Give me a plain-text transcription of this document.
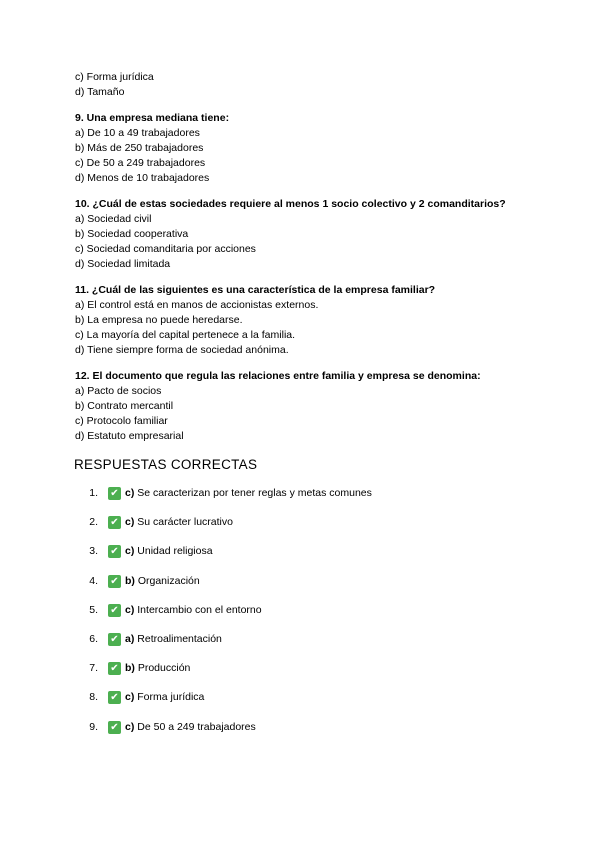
c) Forma jurídica
d) Tamaño
9. Una empresa mediana tiene:
a) De 10 a 49 trabajadores
b) Más de 250 trabajadores
c) De 50 a 249 trabajadores
d) Menos de 10 trabajadores
10. ¿Cuál de estas sociedades requiere al menos 1 socio colectivo y 2 comanditarios?
a) Sociedad civil
b) Sociedad cooperativa
c) Sociedad comanditaria por acciones
d) Sociedad limitada
11. ¿Cuál de las siguientes es una característica de la empresa familiar?
a) El control está en manos de accionistas externos.
b) La empresa no puede heredarse.
c) La mayoría del capital pertenece a la familia.
d) Tiene siempre forma de sociedad anónima.
12. El documento que regula las relaciones entre familia y empresa se denomina:
a) Pacto de socios
b) Contrato mercantil
c) Protocolo familiar
d) Estatuto empresarial
RESPUESTAS CORRECTAS
1. ✔ c) Se caracterizan por tener reglas y metas comunes
2. ✔ c) Su carácter lucrativo
3. ✔ c) Unidad religiosa
4. ✔ b) Organización
5. ✔ c) Intercambio con el entorno
6. ✔ a) Retroalimentación
7. ✔ b) Producción
8. ✔ c) Forma jurídica
9. ✔ c) De 50 a 249 trabajadores
